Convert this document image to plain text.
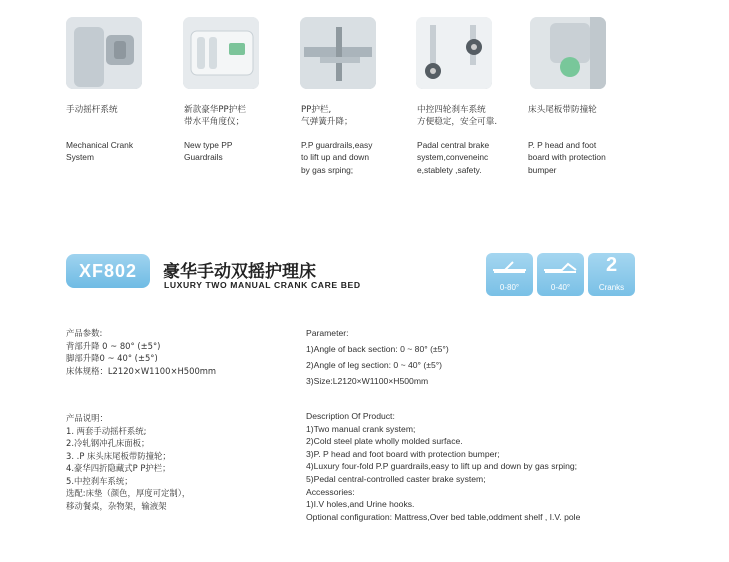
手动摇杆系统
Mechanical Crank
System
新款豪华PP护栏
带水平角度仪；
New type PP
Guardrails
PP护栏,
气弹簧升降；
P.P guardrails,easy
to lift up and down
by gas srping;
中控四轮刹车系统
方便稳定，安全可靠.
Padal central brake
system,conveneinc
e,stablety ,safety.
床头尾板带防撞轮
P. P head and foot
board with protection
bumper
XF802	豪华手动双摇护理床
LUXURY TWO MANUAL CRANK CARE BED	0-80°	0-40°
2
Cranks
产品参数:
背部升降 0 ~ 80° (±5°)
脚部升降0 ~ 40° (±5°)
床体规格：L2120×W1100×H500mm
Parameter:
1)Angle of back section: 0 ~ 80° (±5°)
2)Angle of leg section: 0 ~ 40° (±5°)
3)Size:L2120×W1100×H500mm
产品说明：
1. 两套手动摇杆系统;
2.冷轧钢冲孔床面板；
3. .P 床头床尾板带防撞轮；
4.豪华四折隐藏式P P护栏；
5.中控刹车系统；
选配:床垫（颜色，厚度可定制），
移动餐桌，杂物架，输液架
Description Of Product:
1)Two manual crank system;
2)Cold steel plate wholly molded surface.
3)P. P head and foot board with protection bumper;
4)Luxury four-fold P.P guardrails,easy to lift up and down by gas srping;
5)Pedal central-controlled caster brake system;
Accessories:
1)I.V holes,and Urine hooks.
Optional configuration: Mattress,Over bed table,oddment shelf , I.V. pole
